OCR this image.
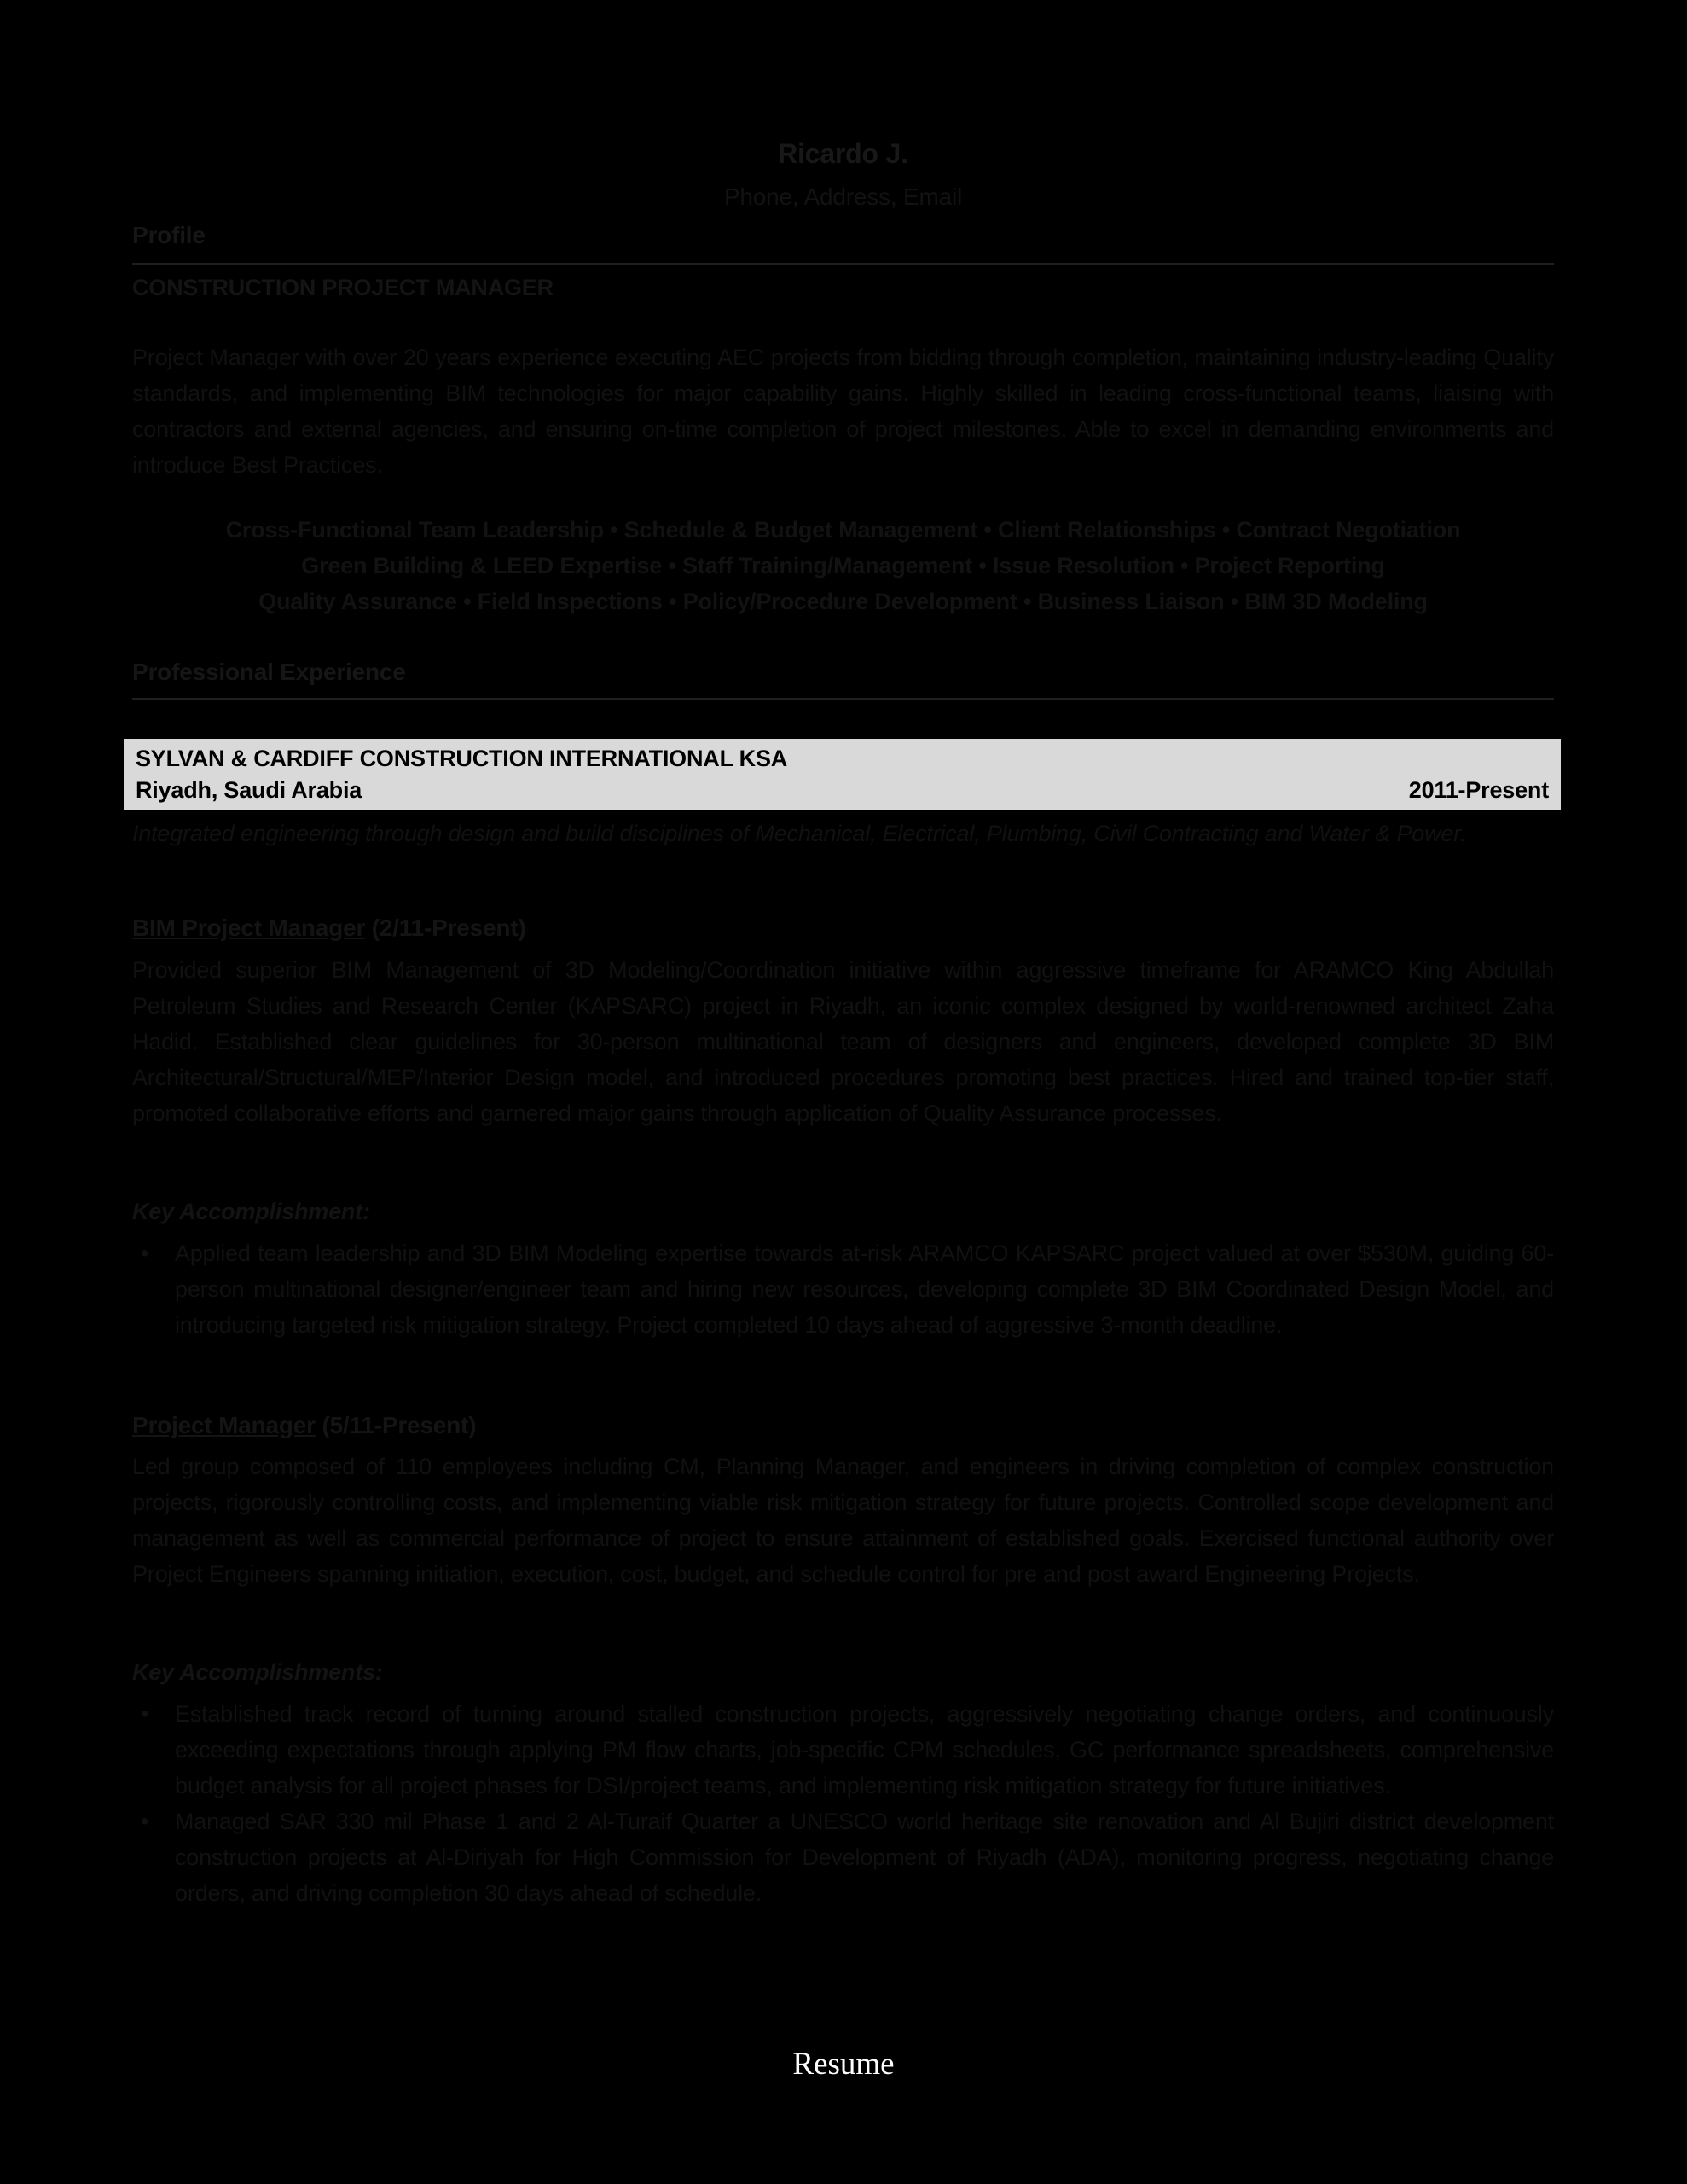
Ricardo J.
Phone, Address, Email
Profile
CONSTRUCTION PROJECT MANAGER
Project Manager with over 20 years experience executing AEC projects from bidding through completion, maintaining industry-leading Quality standards, and implementing BIM technologies for major capability gains. Highly skilled in leading cross-functional teams, liaising with contractors and external agencies, and ensuring on-time completion of project milestones. Able to excel in demanding environments and introduce Best Practices.
Cross-Functional Team Leadership • Schedule & Budget Management • Client Relationships • Contract Negotiation
Green Building & LEED Expertise • Staff Training/Management • Issue Resolution • Project Reporting
Quality Assurance • Field Inspections • Policy/Procedure Development • Business Liaison • BIM 3D Modeling
Professional Experience
SYLVAN & CARDIFF CONSTRUCTION INTERNATIONAL KSA
Riyadh, Saudi Arabia	2011-Present
Integrated engineering through design and build disciplines of Mechanical, Electrical, Plumbing, Civil Contracting and Water & Power.
BIM Project Manager (2/11-Present)
Provided superior BIM Management of 3D Modeling/Coordination initiative within aggressive timeframe for ARAMCO King Abdullah Petroleum Studies and Research Center (KAPSARC) project in Riyadh, an iconic complex designed by world-renowned architect Zaha Hadid. Established clear guidelines for 30-person multinational team of designers and engineers, developed complete 3D BIM Architectural/Structural/MEP/Interior Design model, and introduced procedures promoting best practices. Hired and trained top-tier staff, promoted collaborative efforts and garnered major gains through application of Quality Assurance processes.
Key Accomplishment:
•	Applied team leadership and 3D BIM Modeling expertise towards at-risk ARAMCO KAPSARC project valued at over $530M, guiding 60-person multinational designer/engineer team and hiring new resources, developing complete 3D BIM Coordinated Design Model, and introducing targeted risk mitigation strategy. Project completed 10 days ahead of aggressive 3-month deadline.
Project Manager (5/11-Present)
Led group composed of 110 employees including CM, Planning Manager, and engineers in driving completion of complex construction projects, rigorously controlling costs, and implementing viable risk mitigation strategy for future projects. Controlled scope development and management as well as commercial performance of project to ensure attainment of established goals. Exercised functional authority over Project Engineers spanning initiation, execution, cost, budget, and schedule control for pre and post award Engineering Projects.
Key Accomplishments:
•	Established track record of turning around stalled construction projects, aggressively negotiating change orders, and continuously exceeding expectations through applying PM flow charts, job-specific CPM schedules, GC performance spreadsheets, comprehensive budget analysis for all project phases for DSI/project teams, and implementing risk mitigation strategy for future initiatives.
•	Managed SAR 330 mil Phase 1 and 2 Al-Turaif Quarter a UNESCO world heritage site renovation and Al Bujiri district development construction projects at Al-Diriyah for High Commission for Development of Riyadh (ADA), monitoring progress, negotiating change orders, and driving completion 30 days ahead of schedule.
Resume
